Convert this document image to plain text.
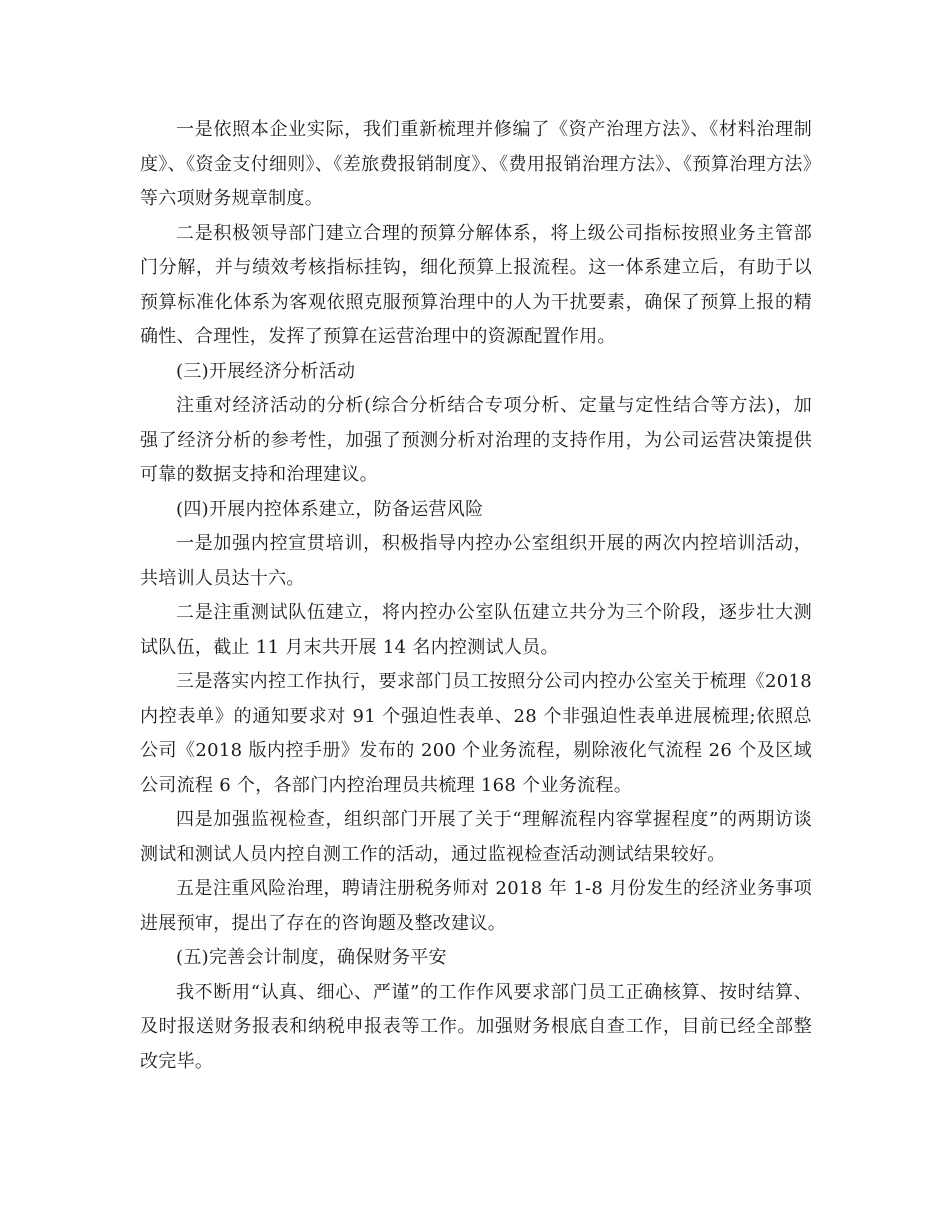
一是依照本企业实际，我们重新梳理并修编了《资产治理方法》、《材料治理制度》、《资金支付细则》、《差旅费报销制度》、《费用报销治理方法》、《预算治理方法》等六项财务规章制度。

二是积极领导部门建立合理的预算分解体系，将上级公司指标按照业务主管部门分解，并与绩效考核指标挂钩，细化预算上报流程。这一体系建立后，有助于以预算标准化体系为客观依照克服预算治理中的人为干扰要素，确保了预算上报的精确性、合理性，发挥了预算在运营治理中的资源配置作用。

(三)开展经济分析活动

注重对经济活动的分析(综合分析结合专项分析、定量与定性结合等方法)，加强了经济分析的参考性，加强了预测分析对治理的支持作用，为公司运营决策提供可靠的数据支持和治理建议。

(四)开展内控体系建立，防备运营风险

一是加强内控宣贯培训，积极指导内控办公室组织开展的两次内控培训活动，共培训人员达十六。

二是注重测试队伍建立，将内控办公室队伍建立共分为三个阶段，逐步壮大测试队伍，截止 11 月末共开展 14 名内控测试人员。

三是落实内控工作执行，要求部门员工按照分公司内控办公室关于梳理《2018 内控表单》的通知要求对 91 个强迫性表单、28 个非强迫性表单进展梳理;依照总公司《2018 版内控手册》发布的 200 个业务流程，剔除液化气流程 26 个及区域公司流程 6 个，各部门内控治理员共梳理 168 个业务流程。

四是加强监视检查，组织部门开展了关于“理解流程内容掌握程度”的两期访谈测试和测试人员内控自测工作的活动，通过监视检查活动测试结果较好。

五是注重风险治理，聘请注册税务师对 2018 年 1-8 月份发生的经济业务事项进展预审，提出了存在的咨询题及整改建议。

(五)完善会计制度，确保财务平安

我不断用“认真、细心、严谨”的工作作风要求部门员工正确核算、按时结算、及时报送财务报表和纳税申报表等工作。加强财务根底自查工作，目前已经全部整改完毕。
